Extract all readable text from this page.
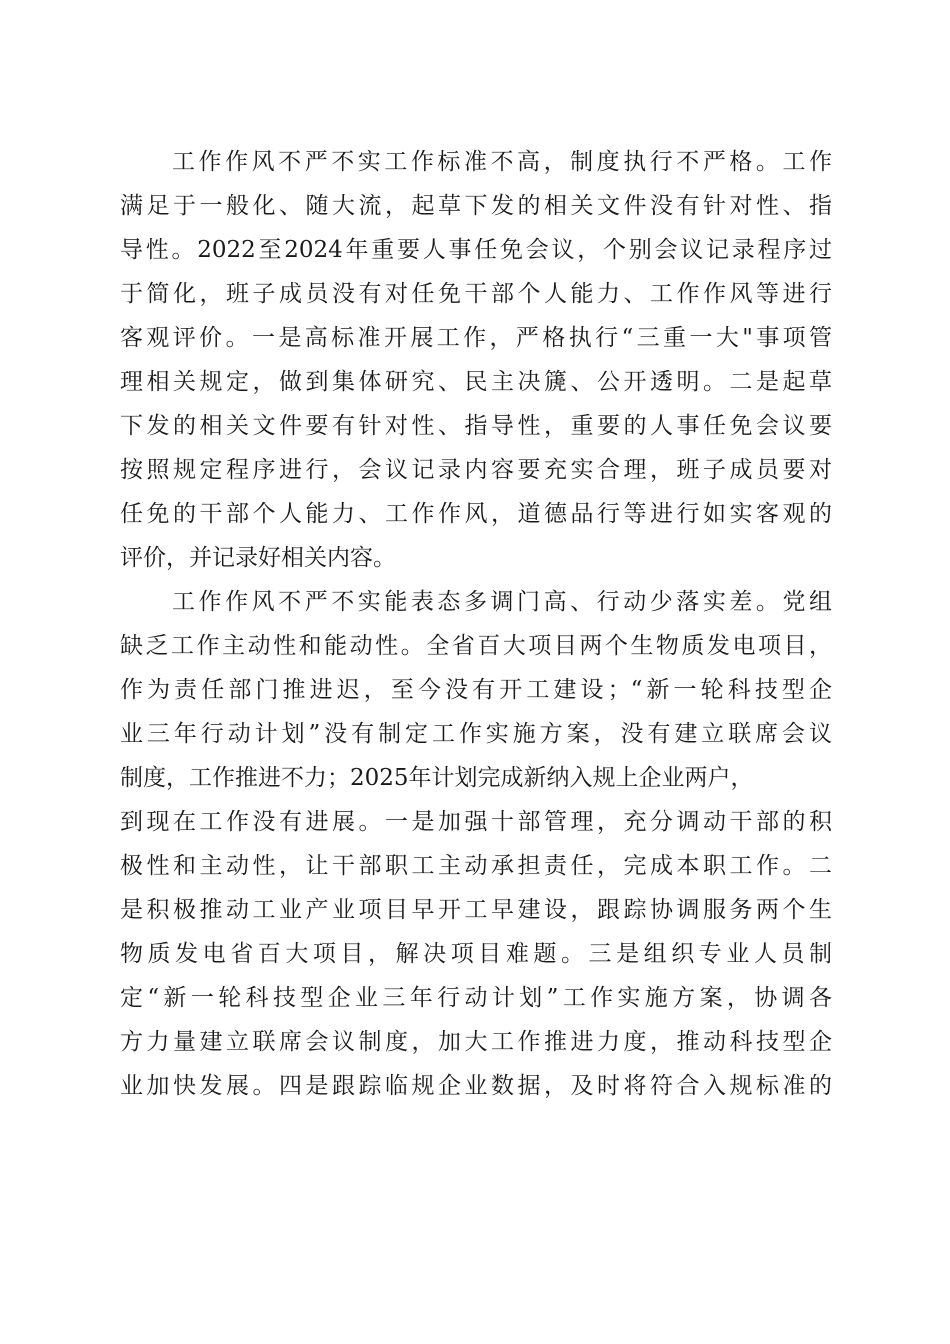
工作作风不严不实工作标准不高，制度执行不严格。工作
满足于一般化、随大流，起草下发的相关文件没有针对性、指
导性。2022至2024年重要人事任免会议，个别会议记录程序过
于简化，班子成员没有对任免干部个人能力、工作作风等进行
客观评价。一是高标准开展工作，严格执行“三重一大"事项管
理相关规定，做到集体研究、民主决篪、公开透明。二是起草
下发的相关文件要有针对性、指导性，重要的人事任免会议要
按照规定程序进行，会议记录内容要充实合理，班子成员要对
任免的干部个人能力、工作作风，道德品行等进行如实客观的
评价，并记录好相关内容。
工作作风不严不实能表态多调门高、行动少落实差。党组
缺乏工作主动性和能动性。全省百大项目两个生物质发电项目，
作为责任部门推进迟，至今没有开工建设；“新一轮科技型企
业三年行动计划”没有制定工作实施方案，没有建立联席会议
制度，工作推进不力；2025年计划完成新纳入规上企业两户，
到现在工作没有进展。一是加强十部管理，充分调动干部的积
极性和主动性，让干部职工主动承担责任，完成本职工作。二
是积极推动工业产业项目早开工早建设，跟踪协调服务两个生
物质发电省百大项目，解决项目难题。三是组织专业人员制
定“新一轮科技型企业三年行动计划”工作实施方案，协调各
方力量建立联席会议制度，加大工作推进力度，推动科技型企
业加快发展。四是跟踪临规企业数据，及时将符合入规标准的
